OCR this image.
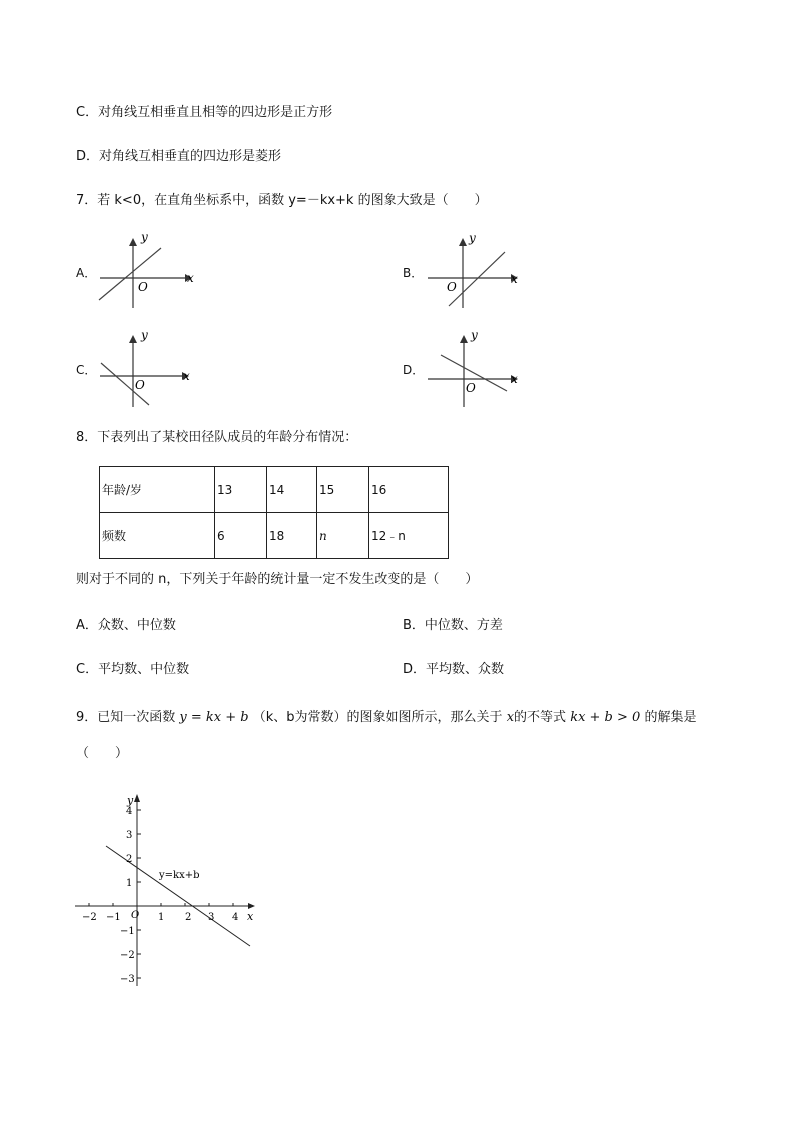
C．对角线互相垂直且相等的四边形是正方形
D．对角线互相垂直的四边形是菱形
7．若 k<0，在直角坐标系中，函数 y=－kx+k 的图象大致是（　　）
A．
y
x
O
B．
y
x
O
C．
y
x
O
D．
y
x
O
8．下表列出了某校田径队成员的年龄分布情况：
年龄/岁	13	14	15	16
频数	6	18	n	12﹣n
则对于不同的 n，下列关于年龄的统计量一定不发生改变的是（　　）
A．众数、中位数	B．中位数、方差
C．平均数、中位数	D．平均数、众数
9．已知一次函数 y = kx + b （k、b为常数）的图象如图所示，那么关于 x的不等式 kx + b > 0 的解集是
（　　）
y
x
O
y=kx+b
−2 −1	1 2 3 4
4
3
2
1
−1
−2
−3
